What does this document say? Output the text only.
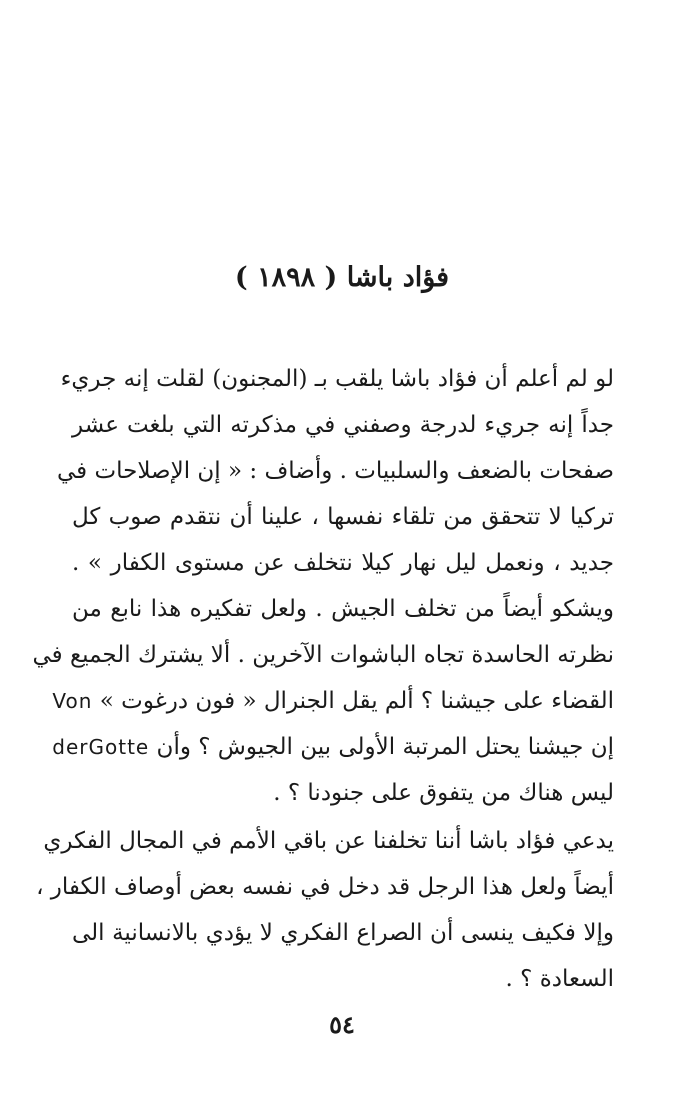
فؤاد باشا ( ١٨٩٨ )
لو لم أعلم أن فؤاد باشا يلقب بـ (المجنون) لقلت إنه جريء
جداً إنه جريء لدرجة وصفني في مذكرته التي بلغت عشر
صفحات بالضعف والسلبيات . وأضاف : « إن الإصلاحات في
تركيا لا تتحقق من تلقاء نفسها ، علينا أن نتقدم صوب كل
جديد ، ونعمل ليل نهار كيلا نتخلف عن مستوى الكفار » .
ويشكو أيضاً من تخلف الجيش . ولعل تفكيره هذا نابع من
نظرته الحاسدة تجاه الباشوات الآخرين . ألا يشترك الجميع في
القضاء على جيشنا ؟ ألم يقل الجنرال « فون درغوت » Von
إن جيشنا يحتل المرتبة الأولى بين الجيوش ؟ وأن derGotte
ليس هناك من يتفوق على جنودنا ؟ .
يدعي فؤاد باشا أننا تخلفنا عن باقي الأمم في المجال الفكري
أيضاً ولعل هذا الرجل قد دخل في نفسه بعض أوصاف الكفار ،
وإلا فكيف ينسى أن الصراع الفكري لا يؤدي بالانسانية الى
السعادة ؟ .
٥٤
